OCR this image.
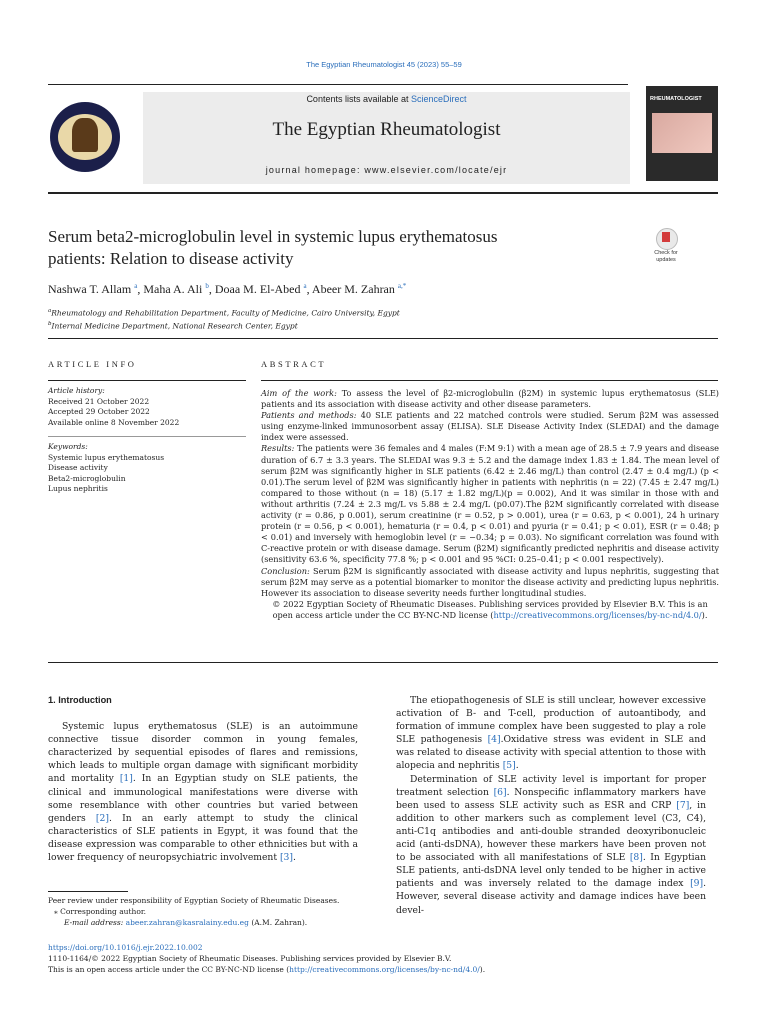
The Egyptian Rheumatologist 45 (2023) 55–59
Contents lists available at ScienceDirect
The Egyptian Rheumatologist
journal homepage: www.elsevier.com/locate/ejr
RHEUMATOLOGIST
Serum beta2-microglobulin level in systemic lupus erythematosus
patients: Relation to disease activity	Check for
updates
Nashwa T. Allam $^a$, Maha A. Ali $^b$, Doaa M. El-Abed $^a$, Abeer M. Zahran $^{a,*}$
$^a$Rheumatology and Rehabilitation Department, Faculty of Medicine, Cairo University, Egypt
$^b$Internal Medicine Department, National Research Center, Egypt
ARTICLE INFO	ABSTRACT
Article history:
Received 21 October 2022
Accepted 29 October 2022
Available online 8 November 2022
Keywords:
Systemic lupus erythematosus
Disease activity
Beta2-microglobulin
Lupus nephritis

Aim of the work: To assess the level of β2-microglobulin (β2M) in systemic lupus erythematosus (SLE) patients and its association with disease activity and other disease parameters.

Patients and methods: 40 SLE patients and 22 matched controls were studied. Serum β2M was assessed using enzyme-linked immunosorbent assay (ELISA). SLE Disease Activity Index (SLEDAI) and the damage index were assessed.

Results: The patients were 36 females and 4 males (F:M 9:1) with a mean age of 28.5 ± 7.9 years and disease duration of 6.7 ± 3.3 years. The SLEDAI was 9.3 ± 5.2 and the damage index 1.83 ± 1.84. The mean level of serum β2M was significantly higher in SLE patients (6.42 ± 2.46 mg/L) than control (2.47 ± 0.4 mg/L) (p < 0.01).The serum level of β2M was significantly higher in patients with nephritis (n = 22) (7.45 ± 2.47 mg/L) compared to those without (n = 18) (5.17 ± 1.82 mg/L)(p = 0.002), And it was similar in those with and without arthritis (7.24 ± 2.3 mg/L vs 5.88 ± 2.4 mg/L (p0.07).The β2M significantly correlated with disease activity (r = 0.86, p 0.001), serum creatinine (r = 0.52, p > 0.001), urea (r = 0.63, p < 0.001), 24 h urinary protein (r = 0.56, p < 0.001), hematuria (r = 0.4, p < 0.01) and pyuria (r = 0.41; p < 0.01), ESR (r = 0.48; p < 0.01) and inversely with hemoglobin level (r = −0.34; p = 0.03). No significant correlation was found with C-reactive protein or with disease damage. Serum (β2M) significantly predicted nephritis and disease activity (sensitivity 63.6 %, specificity 77.8 %; p < 0.001 and 95 %CI: 0.25–0.41; p < 0.001 respectively).

Conclusion: Serum β2M is significantly associated with disease activity and lupus nephritis, suggesting that serum β2M may serve as a potential biomarker to monitor the disease activity and predicting lupus nephritis. However its association to disease severity needs further longitudinal studies.

© 2022 Egyptian Society of Rheumatic Diseases. Publishing services provided by Elsevier B.V. This is an
open access article under the CC BY-NC-ND license (http://creativecommons.org/licenses/by-nc-nd/4.0/).

1. Introduction

Systemic lupus erythematosus (SLE) is an autoimmune connective tissue disorder common in young females, characterized by sequential episodes of flares and remissions, which leads to multiple organ damage with significant morbidity and mortality [1]. In an Egyptian study on SLE patients, the clinical and immunological manifestations were diverse with some resemblance with other countries but varied between genders [2]. In an early attempt to study the clinical characteristics of SLE patients in Egypt, it was found that the disease expression was comparable to other ethnicities but with a lower frequency of neuropsychiatric involvement [3].

The etiopathogenesis of SLE is still unclear, however excessive activation of B- and T-cell, production of autoantibody, and formation of immune complex have been suggested to play a role SLE pathogenesis [4].Oxidative stress was evident in SLE and was related to disease activity with special attention to those with alopecia and nephritis [5].

Determination of SLE activity level is important for proper treatment selection [6]. Nonspecific inflammatory markers have been used to assess SLE activity such as ESR and CRP [7], in addition to other markers such as complement level (C3, C4), anti-C1q antibodies and anti-double stranded deoxyribonucleic acid (anti-dsDNA), however these markers have been proven not to be associated with all manifestations of SLE [8]. In Egyptian SLE patients, anti-dsDNA level only tended to be higher in active patients and was inversely related to the damage index [9]. However, several disease activity and damage indices have been devel-

Peer review under responsibility of Egyptian Society of Rheumatic Diseases.
⁎ Corresponding author.
E-mail address: abeer.zahran@kasralainy.edu.eg (A.M. Zahran).
https://doi.org/10.1016/j.ejr.2022.10.002
1110-1164/© 2022 Egyptian Society of Rheumatic Diseases. Publishing services provided by Elsevier B.V.
This is an open access article under the CC BY-NC-ND license (http://creativecommons.org/licenses/by-nc-nd/4.0/).
